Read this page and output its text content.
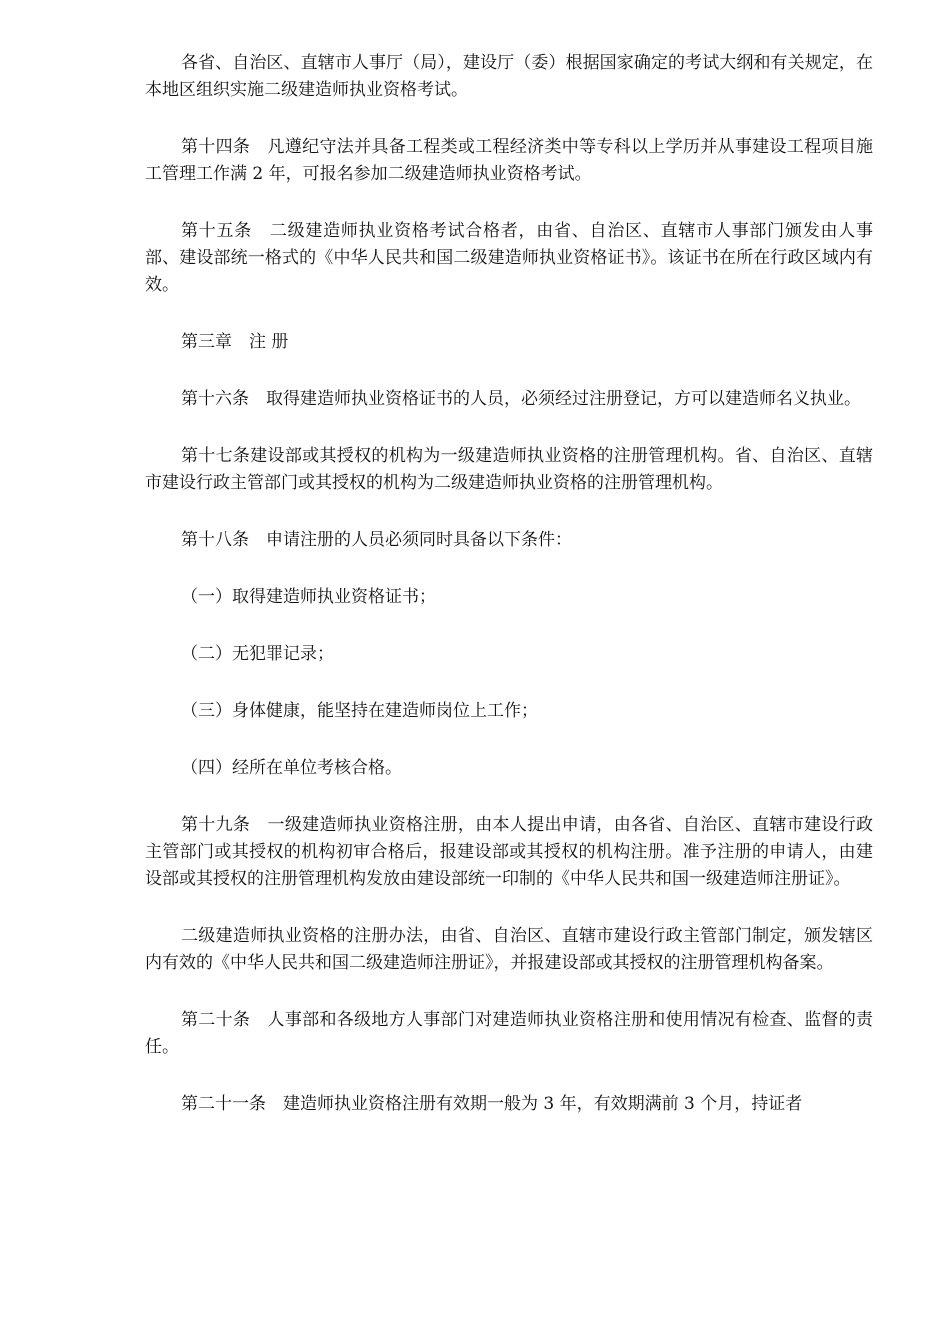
各省、自治区、直辖市人事厅（局），建设厅（委）根据国家确定的考试大纲和有关规定，在本地区组织实施二级建造师执业资格考试。

第十四条　凡遵纪守法并具备工程类或工程经济类中等专科以上学历并从事建设工程项目施工管理工作满 2 年，可报名参加二级建造师执业资格考试。

第十五条　二级建造师执业资格考试合格者，由省、自治区、直辖市人事部门颁发由人事部、建设部统一格式的《中华人民共和国二级建造师执业资格证书》。该证书在所在行政区域内有效。

第三章　注 册

第十六条　取得建造师执业资格证书的人员，必须经过注册登记，方可以建造师名义执业。

第十七条建设部或其授权的机构为一级建造师执业资格的注册管理机构。省、自治区、直辖市建设行政主管部门或其授权的机构为二级建造师执业资格的注册管理机构。

第十八条　申请注册的人员必须同时具备以下条件：

（一）取得建造师执业资格证书；

（二）无犯罪记录；

（三）身体健康，能坚持在建造师岗位上工作；

（四）经所在单位考核合格。

第十九条　一级建造师执业资格注册，由本人提出申请，由各省、自治区、直辖市建设行政主管部门或其授权的机构初审合格后，报建设部或其授权的机构注册。准予注册的申请人，由建设部或其授权的注册管理机构发放由建设部统一印制的《中华人民共和国一级建造师注册证》。

二级建造师执业资格的注册办法，由省、自治区、直辖市建设行政主管部门制定，颁发辖区内有效的《中华人民共和国二级建造师注册证》，并报建设部或其授权的注册管理机构备案。

第二十条　人事部和各级地方人事部门对建造师执业资格注册和使用情况有检查、监督的责任。

第二十一条　建造师执业资格注册有效期一般为 3 年，有效期满前 3 个月，持证者
